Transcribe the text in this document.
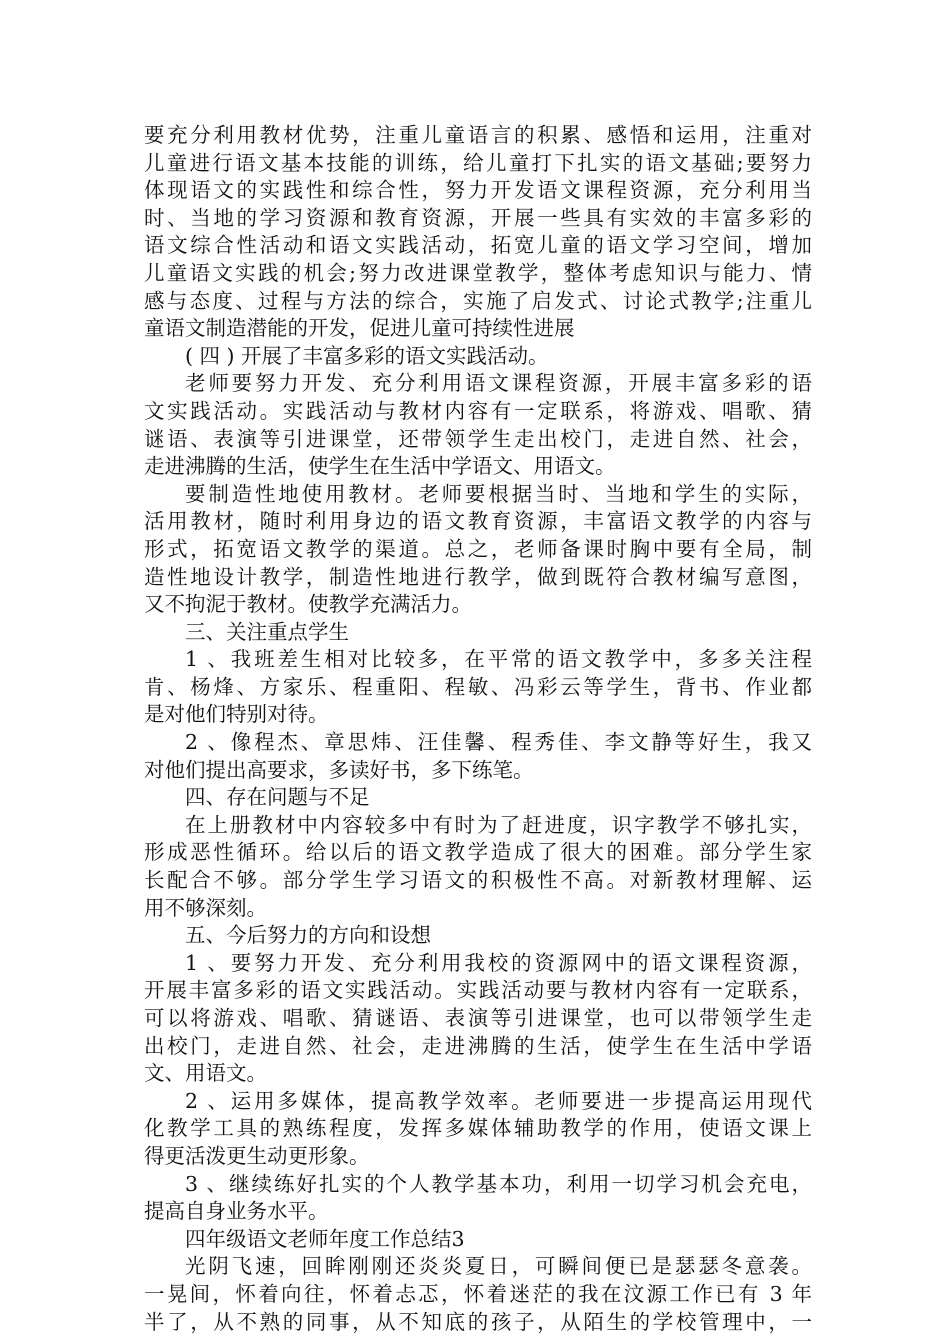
要充分利用教材优势，注重儿童语言的积累、感悟和运用，注重对
儿童进行语文基本技能的训练，给儿童打下扎实的语文基础;要努力
体现语文的实践性和综合性，努力开发语文课程资源，充分利用当
时、当地的学习资源和教育资源，开展一些具有实效的丰富多彩的
语文综合性活动和语文实践活动，拓宽儿童的语文学习空间，增加
儿童语文实践的机会;努力改进课堂教学，整体考虑知识与能力、情
感与态度、过程与方法的综合，实施了启发式、讨论式教学;注重儿
童语文制造潜能的开发，促进儿童可持续性进展
( 四 ) 开展了丰富多彩的语文实践活动。
老师要努力开发、充分利用语文课程资源，开展丰富多彩的语
文实践活动。实践活动与教材内容有一定联系，将游戏、唱歌、猜
谜语、表演等引进课堂，还带领学生走出校门，走进自然、社会，
走进沸腾的生活，使学生在生活中学语文、用语文。
要制造性地使用教材。老师要根据当时、当地和学生的实际，
活用教材，随时利用身边的语文教育资源，丰富语文教学的内容与
形式，拓宽语文教学的渠道。总之，老师备课时胸中要有全局，制
造性地设计教学，制造性地进行教学，做到既符合教材编写意图，
又不拘泥于教材。使教学充满活力。
三、关注重点学生
1 、我班差生相对比较多，在平常的语文教学中，多多关注程
肯、杨烽、方家乐、程重阳、程敏、冯彩云等学生，背书、作业都
是对他们特别对待。
2 、像程杰、章思炜、汪佳馨、程秀佳、李文静等好生，我又
对他们提出高要求，多读好书，多下练笔。
四、存在问题与不足
在上册教材中内容较多中有时为了赶进度，识字教学不够扎实，
形成恶性循环。给以后的语文教学造成了很大的困难。部分学生家
长配合不够。部分学生学习语文的积极性不高。对新教材理解、运
用不够深刻。
五、今后努力的方向和设想
1 、要努力开发、充分利用我校的资源网中的语文课程资源，
开展丰富多彩的语文实践活动。实践活动要与教材内容有一定联系，
可以将游戏、唱歌、猜谜语、表演等引进课堂，也可以带领学生走
出校门，走进自然、社会，走进沸腾的生活，使学生在生活中学语
文、用语文。
2 、运用多媒体，提高教学效率。老师要进一步提高运用现代
化教学工具的熟练程度，发挥多媒体辅助教学的作用，使语文课上
得更活泼更生动更形象。
3 、继续练好扎实的个人教学基本功，利用一切学习机会充电，
提高自身业务水平。
四年级语文老师年度工作总结3
光阴飞速，回眸刚刚还炎炎夏日，可瞬间便已是瑟瑟冬意袭。
一晃间，怀着向往，怀着忐忑，怀着迷茫的我在汶源工作已有 3 年
半了，从不熟的同事，从不知底的孩子，从陌生的学校管理中，一
